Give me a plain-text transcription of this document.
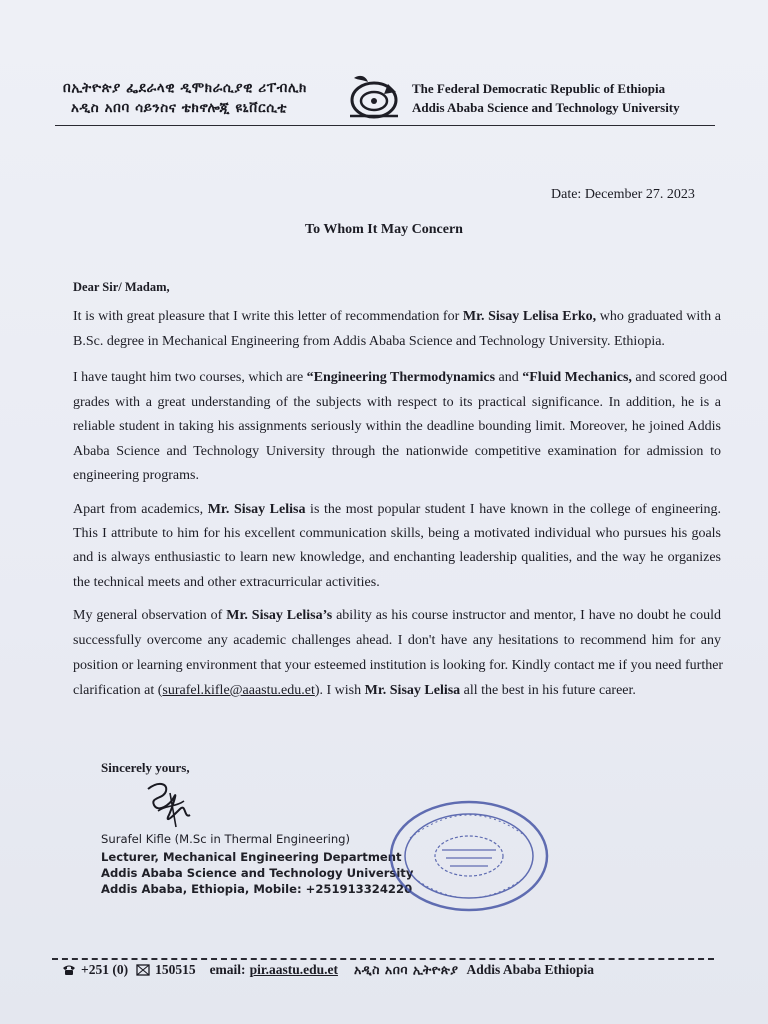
በኢትዮጵያ ፌደራላዊ ዲሞክራሲያዊ ሪፐብሊክ
አዲስ አበባ ሳይንስና ቴክኖሎጂ ዩኒቨርሲቲ
The Federal Democratic Republic of Ethiopia
Addis Ababa Science and Technology University
Date: December 27. 2023
To Whom It May Concern
Dear Sir/ Madam,
It is with great pleasure that I write this letter of recommendation for Mr. Sisay Lelisa Erko, who graduated with a
B.Sc. degree in Mechanical Engineering from Addis Ababa Science and Technology University. Ethiopia.
I have taught him two courses, which are “Engineering Thermodynamics and “Fluid Mechanics, and scored good
grades with a great understanding of the subjects with respect to its practical significance. In addition, he is a
reliable student in taking his assignments seriously within the deadline bounding limit. Moreover, he joined Addis
Ababa Science and Technology University through the nationwide competitive examination for admission to
engineering programs.
Apart from academics, Mr. Sisay Lelisa is the most popular student I have known in the college of engineering.
This I attribute to him for his excellent communication skills, being a motivated individual who pursues his goals
and is always enthusiastic to learn new knowledge, and enchanting leadership qualities, and the way he organizes
the technical meets and other extracurricular activities.
My general observation of Mr. Sisay Lelisa’s ability as his course instructor and mentor, I have no doubt he could
successfully overcome any academic challenges ahead. I don't have any hesitations to recommend him for any
position or learning environment that your esteemed institution is looking for. Kindly contact me if you need further
clarification at (surafel.kifle@aaastu.edu.et). I wish Mr. Sisay Lelisa all the best in his future career.
Sincerely yours,
Surafel Kifle (M.Sc in Thermal Engineering)
Lecturer, Mechanical Engineering Department
Addis Ababa Science and Technology University
Addis Ababa, Ethiopia, Mobile: +251913324220
+251 (0) 150515 email: pir.aastu.edu.et አዲስ አበባ ኢትዮጵያ Addis Ababa Ethiopia
